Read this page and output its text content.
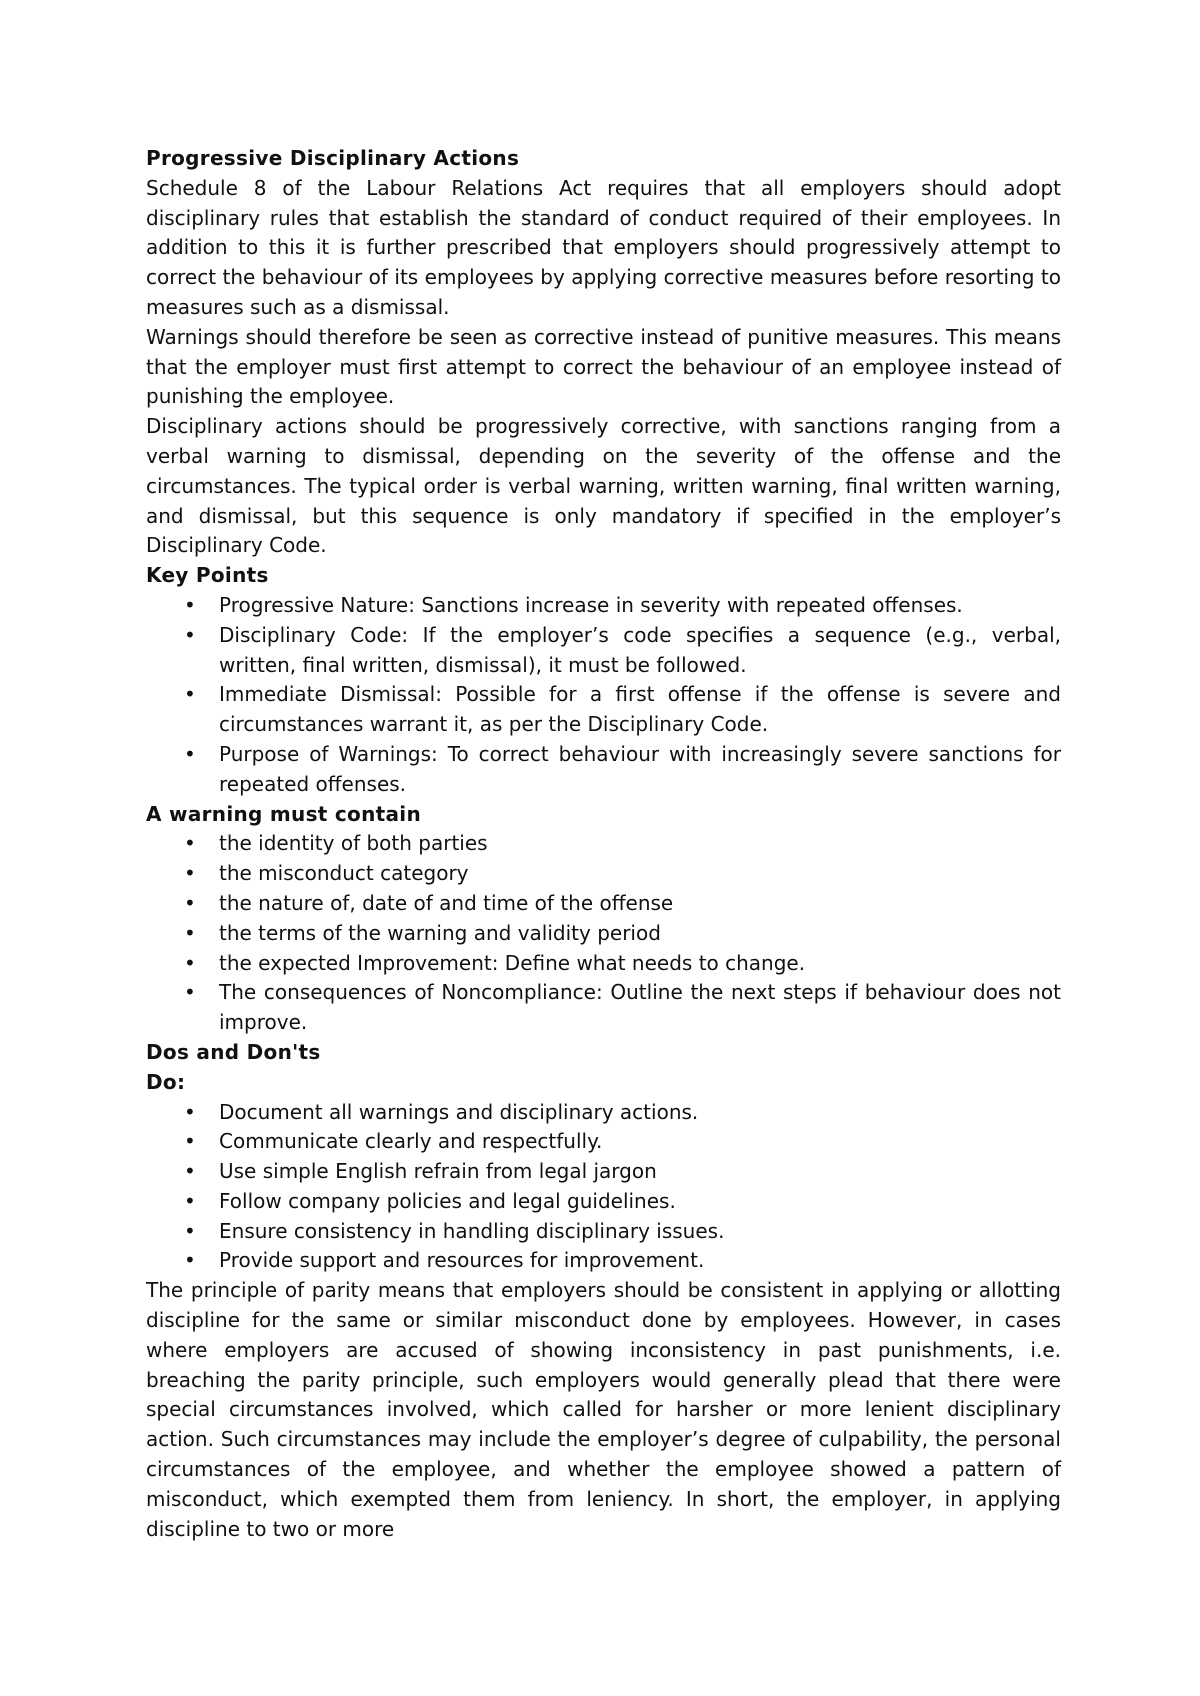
Progressive Disciplinary Actions

Schedule 8 of the Labour Relations Act requires that all employers should adopt disciplinary rules that establish the standard of conduct required of their employees. In addition to this it is further prescribed that employers should progressively attempt to correct the behaviour of its employees by applying corrective measures before resorting to measures such as a dismissal.

Warnings should therefore be seen as corrective instead of punitive measures. This means that the employer must first attempt to correct the behaviour of an employee instead of punishing the employee.

Disciplinary actions should be progressively corrective, with sanctions ranging from a verbal warning to dismissal, depending on the severity of the offense and the circumstances. The typical order is verbal warning, written warning, final written warning, and dismissal, but this sequence is only mandatory if specified in the employer’s Disciplinary Code.

Key Points

• Progressive Nature: Sanctions increase in severity with repeated offenses.
• Disciplinary Code: If the employer’s code specifies a sequence (e.g., verbal, written, final written, dismissal), it must be followed.
• Immediate Dismissal: Possible for a first offense if the offense is severe and circumstances warrant it, as per the Disciplinary Code.
• Purpose of Warnings: To correct behaviour with increasingly severe sanctions for repeated offenses.

A warning must contain

• the identity of both parties
• the misconduct category
• the nature of, date of and time of the offense
• the terms of the warning and validity period
• the expected Improvement: Define what needs to change.
• The consequences of Noncompliance: Outline the next steps if behaviour does not improve.

Dos and Don'ts

Do:

• Document all warnings and disciplinary actions.
• Communicate clearly and respectfully.
• Use simple English refrain from legal jargon
• Follow company policies and legal guidelines.
• Ensure consistency in handling disciplinary issues.
• Provide support and resources for improvement.

The principle of parity means that employers should be consistent in applying or allotting discipline for the same or similar misconduct done by employees. However, in cases where employers are accused of showing inconsistency in past punishments, i.e. breaching the parity principle, such employers would generally plead that there were special circumstances involved, which called for harsher or more lenient disciplinary action. Such circumstances may include the employer’s degree of culpability, the personal circumstances of the employee, and whether the employee showed a pattern of misconduct, which exempted them from leniency. In short, the employer, in applying discipline to two or more
